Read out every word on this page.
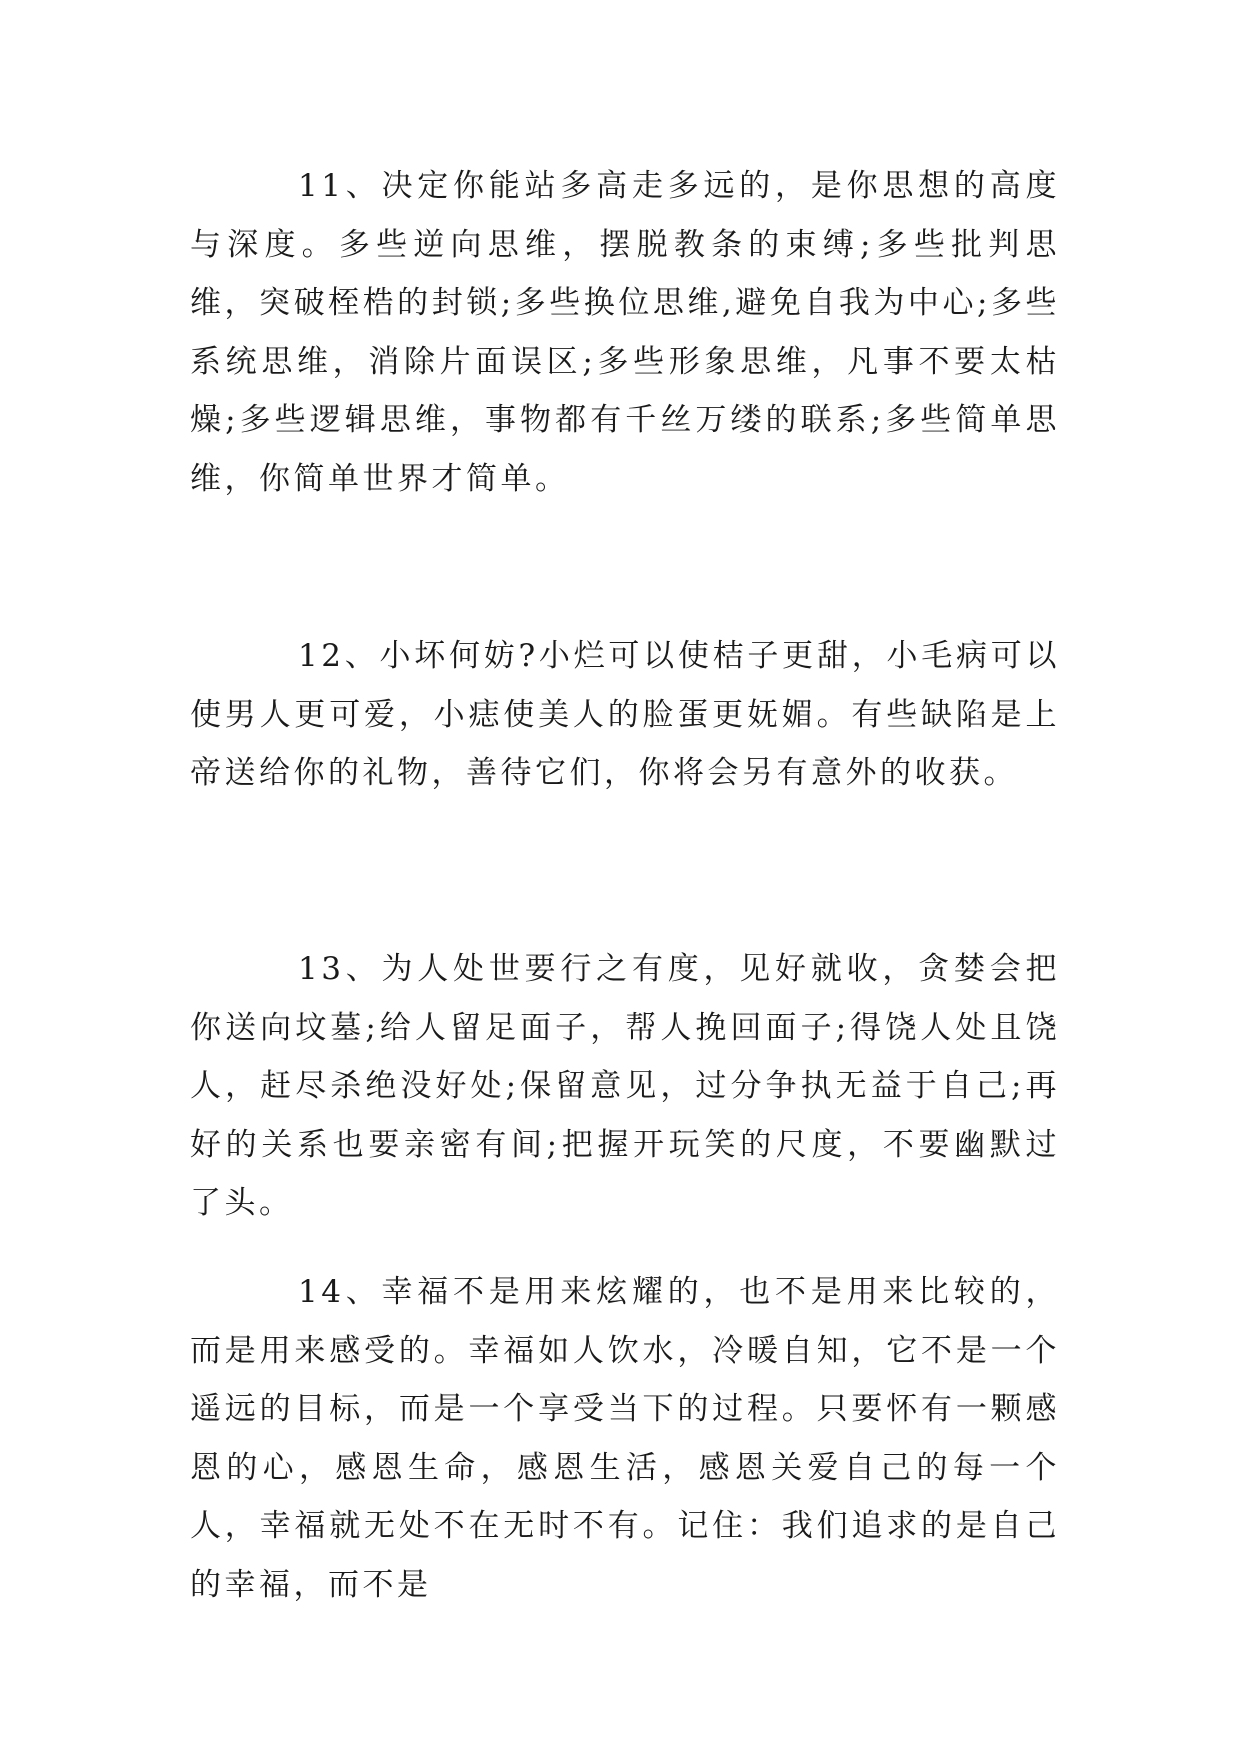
11、决定你能站多高走多远的，是你思想的高度与深度。多些逆向思维，摆脱教条的束缚;多些批判思维，突破桎梏的封锁;多些换位思维,避免自我为中心;多些系统思维，消除片面误区;多些形象思维，凡事不要太枯燥;多些逻辑思维，事物都有千丝万缕的联系;多些简单思维，你简单世界才简单。

12、小坏何妨?小烂可以使桔子更甜，小毛病可以使男人更可爱，小痣使美人的脸蛋更妩媚。有些缺陷是上帝送给你的礼物，善待它们，你将会另有意外的收获。

13、为人处世要行之有度，见好就收，贪婪会把你送向坟墓;给人留足面子，帮人挽回面子;得饶人处且饶人，赶尽杀绝没好处;保留意见，过分争执无益于自己;再好的关系也要亲密有间;把握开玩笑的尺度，不要幽默过了头。

14、幸福不是用来炫耀的，也不是用来比较的，而是用来感受的。幸福如人饮水，冷暖自知，它不是一个遥远的目标，而是一个享受当下的过程。只要怀有一颗感恩的心，感恩生命，感恩生活，感恩关爱自己的每一个人，幸福就无处不在无时不有。记住：我们追求的是自己的幸福，而不是
